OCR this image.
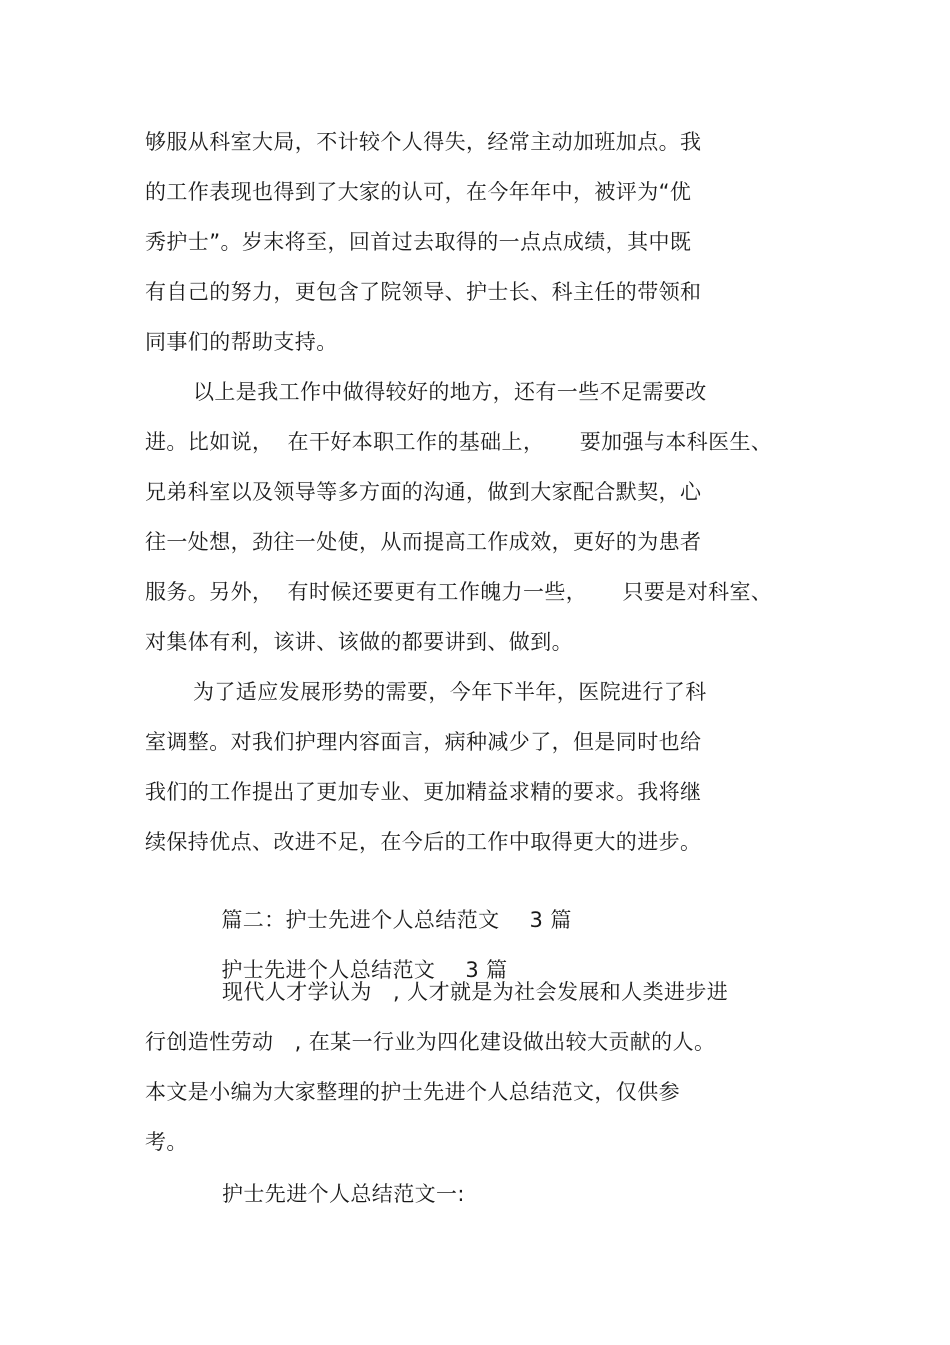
够服从科室大局，不计较个人得失，经常主动加班加点。我
的工作表现也得到了大家的认可，在今年年中，被评为“优
秀护士”。岁末将至，回首过去取得的一点点成绩，其中既
有自己的努力，更包含了院领导、护士长、科主任的带领和
同事们的帮助支持。
以上是我工作中做得较好的地方，还有一些不足需要改
进。比如说，  在干好本职工作的基础上，     要加强与本科医生、
兄弟科室以及领导等多方面的沟通，做到大家配合默契，心
往一处想，劲往一处使，从而提高工作成效，更好的为患者
服务。另外，  有时候还要更有工作魄力一些，     只要是对科室、
对集体有利，该讲、该做的都要讲到、做到。
为了适应发展形势的需要，今年下半年，医院进行了科
室调整。对我们护理内容面言，病种减少了，但是同时也给
我们的工作提出了更加专业、更加精益求精的要求。我将继
续保持优点、改进不足，在今后的工作中取得更大的进步。

篇二：护士先进个人总结范文 3 篇

护士先进个人总结范文 3 篇

现代人才学认为   , 人才就是为社会发展和人类进步进
行创造性劳动   , 在某一行业为四化建设做出较大贡献的人。
本文是小编为大家整理的护士先进个人总结范文，仅供参
考。
护士先进个人总结范文一:
